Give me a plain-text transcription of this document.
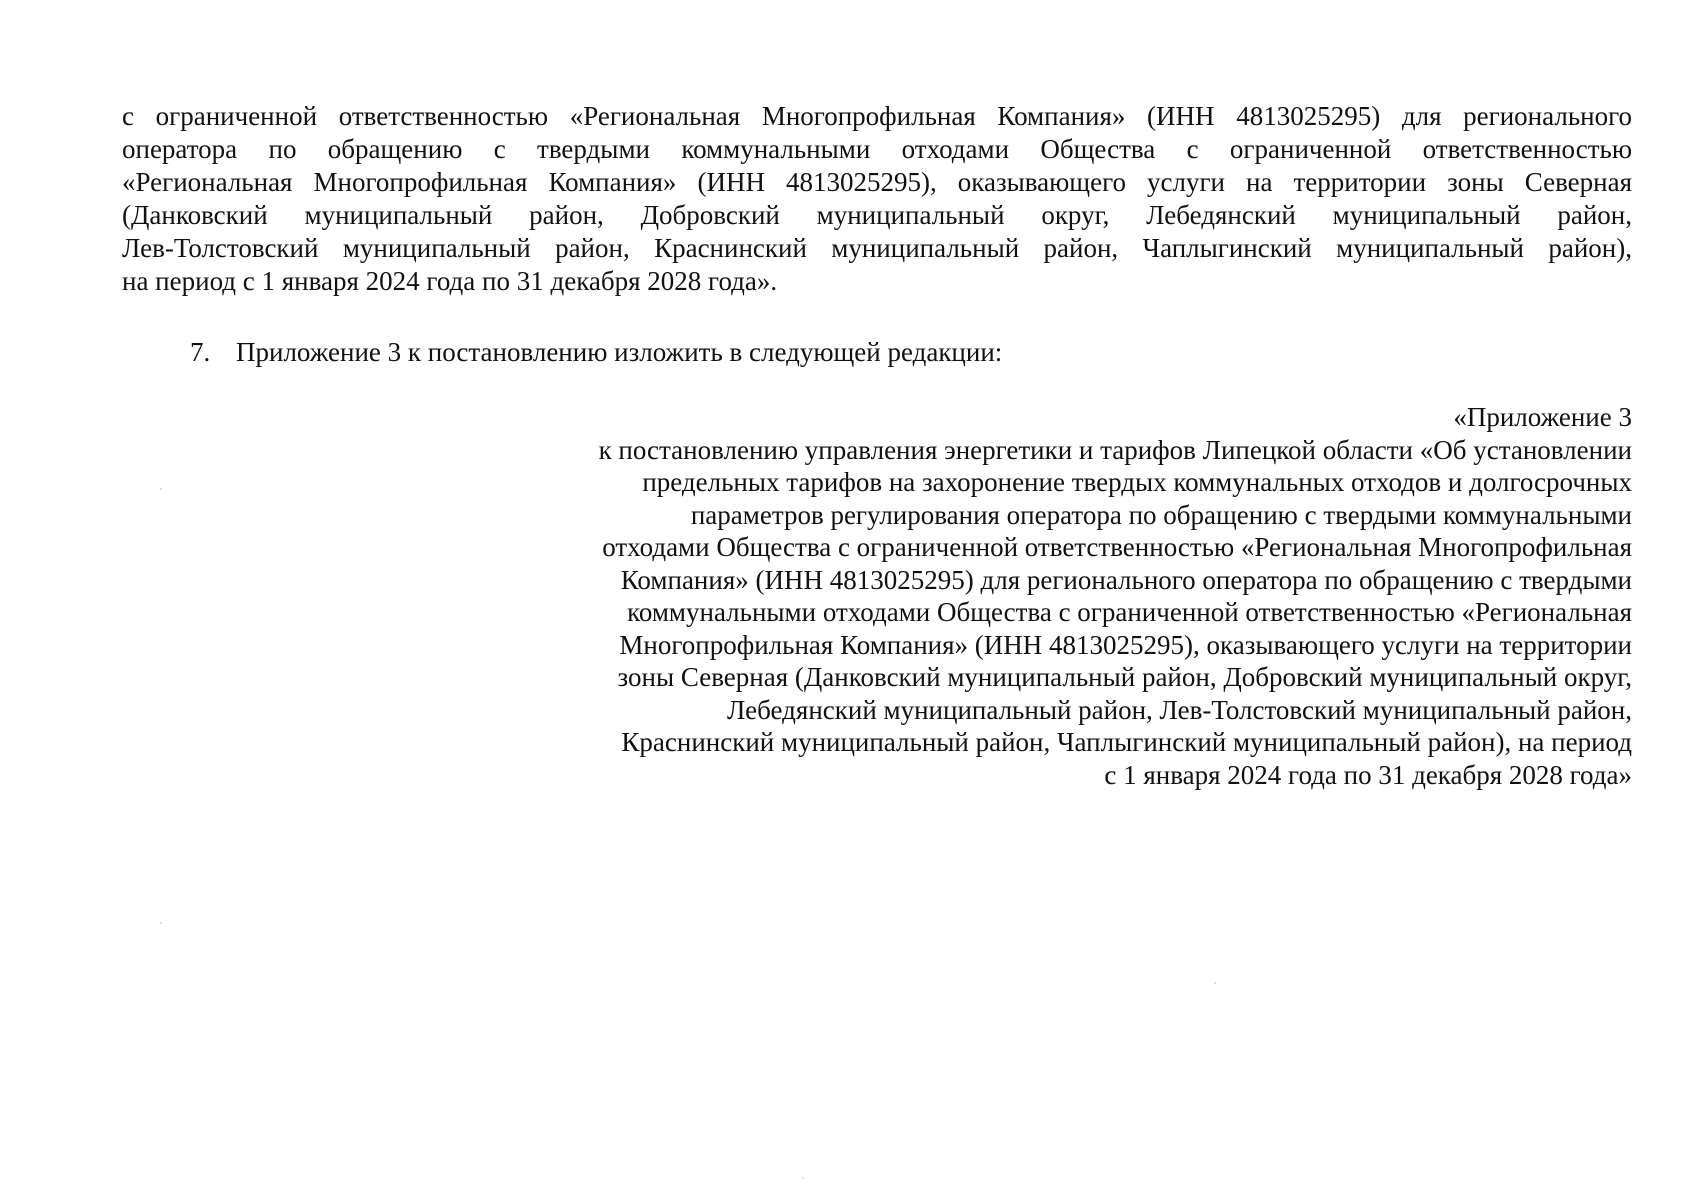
с ограниченной ответственностью «Региональная Многопрофильная Компания» (ИНН 4813025295) для регионального
оператора по обращению с твердыми коммунальными отходами Общества с ограниченной ответственностью
«Региональная Многопрофильная Компания» (ИНН 4813025295), оказывающего услуги на территории зоны Северная
(Данковский муниципальный район, Добровский муниципальный округ, Лебедянский муниципальный район,
Лев-Толстовский муниципальный район, Краснинский муниципальный район, Чаплыгинский муниципальный район),
на период с 1 января 2024 года по 31 декабря 2028 года».
7. Приложение 3 к постановлению изложить в следующей редакции:
«Приложение 3
к постановлению управления энергетики и тарифов Липецкой области «Об установлении
предельных тарифов на захоронение твердых коммунальных отходов и долгосрочных
параметров регулирования оператора по обращению с твердыми коммунальными
отходами Общества с ограниченной ответственностью «Региональная Многопрофильная
Компания» (ИНН 4813025295) для регионального оператора по обращению с твердыми
коммунальными отходами Общества с ограниченной ответственностью «Региональная
Многопрофильная Компания» (ИНН 4813025295), оказывающего услуги на территории
зоны Северная (Данковский муниципальный район, Добровский муниципальный округ,
Лебедянский муниципальный район, Лев-Толстовский муниципальный район,
Краснинский муниципальный район, Чаплыгинский муниципальный район), на период
с 1 января 2024 года по 31 декабря 2028 года»
